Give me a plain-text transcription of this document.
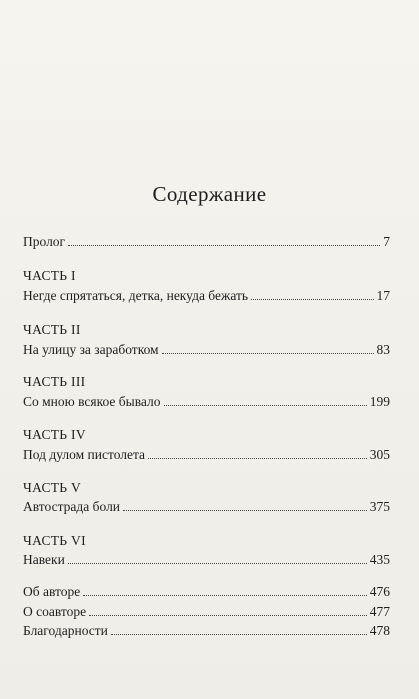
Содержание
Пролог	7
ЧАСТЬ I
Негде спрятаться, детка, некуда бежать	17
ЧАСТЬ II
На улицу за заработком	83
ЧАСТЬ III
Со мною всякое бывало	199
ЧАСТЬ IV
Под дулом пистолета	305
ЧАСТЬ V
Автострада боли	375
ЧАСТЬ VI
Навеки	435
Об авторе	476
О соавторе	477
Благодарности	478
